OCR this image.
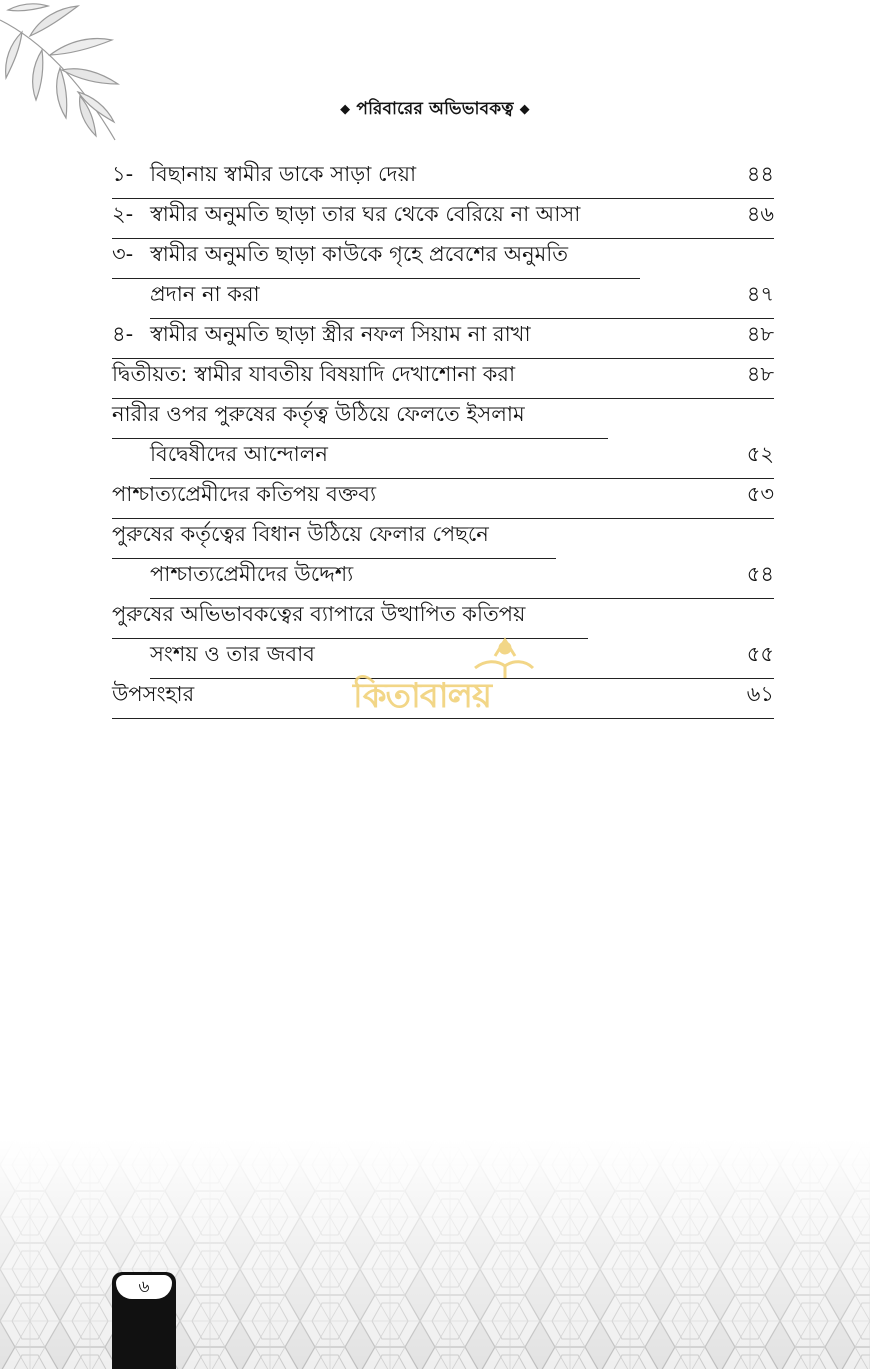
◆ পরিবারের অভিভাবকত্ব ◆
১- বিছানায় স্বামীর ডাকে সাড়া দেয়া	৪৪
২- স্বামীর অনুমতি ছাড়া তার ঘর থেকে বেরিয়ে না আসা	৪৬
৩- স্বামীর অনুমতি ছাড়া কাউকে গৃহে প্রবেশের অনুমতি
প্রদান না করা	৪৭
৪- স্বামীর অনুমতি ছাড়া স্ত্রীর নফল সিয়াম না রাখা	৪৮
দ্বিতীয়ত: স্বামীর যাবতীয় বিষয়াদি দেখাশোনা করা	৪৮
নারীর ওপর পুরুষের কর্তৃত্ব উঠিয়ে ফেলতে ইসলাম
বিদ্বেষীদের আন্দোলন	৫২
পাশ্চাত্যপ্রেমীদের কতিপয় বক্তব্য	৫৩
পুরুষের কর্তৃত্বের বিধান উঠিয়ে ফেলার পেছনে
পাশ্চাত্যপ্রেমীদের উদ্দেশ্য	৫৪
পুরুষের অভিভাবকত্বের ব্যাপারে উত্থাপিত কতিপয়
সংশয় ও তার জবাব	৫৫
উপসংহার	৬১
কিতাবালয়
৬
